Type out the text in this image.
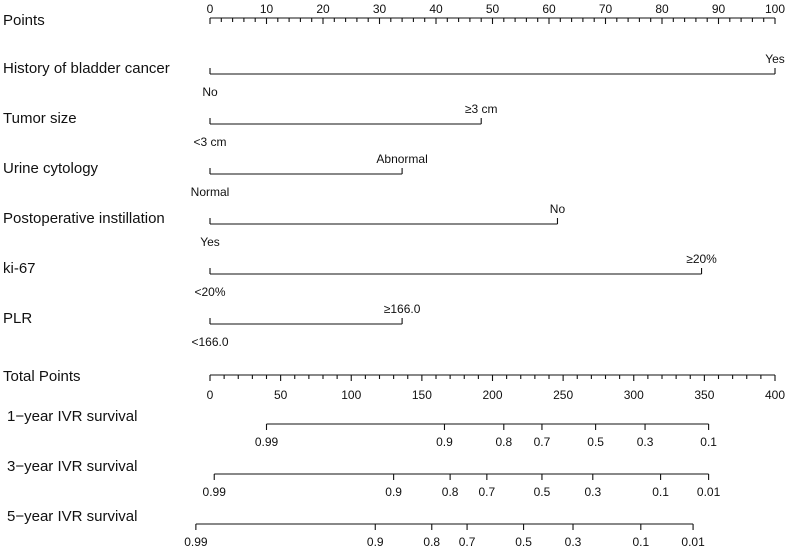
Points
0	10	20	30	40	50	60	70	80	90	100
History of bladder cancer
No
Yes
Tumor size
<3 cm
≥3 cm
Urine cytology
Normal
Abnormal
Postoperative instillation
Yes
No
ki-67
<20%
≥20%
PLR
<166.0
≥166.0
Total Points
0	50	100	150	200	250	300	350	400
1−year IVR survival
0.99	0.9	0.8 0.7	0.5	0.3	0.1
3−year IVR survival
0.99	0.9	0.8 0.7	0.5	0.3	0.1 0.01
5−year IVR survival
0.99	0.9	0.8 0.7	0.5	0.3	0.1	0.01
